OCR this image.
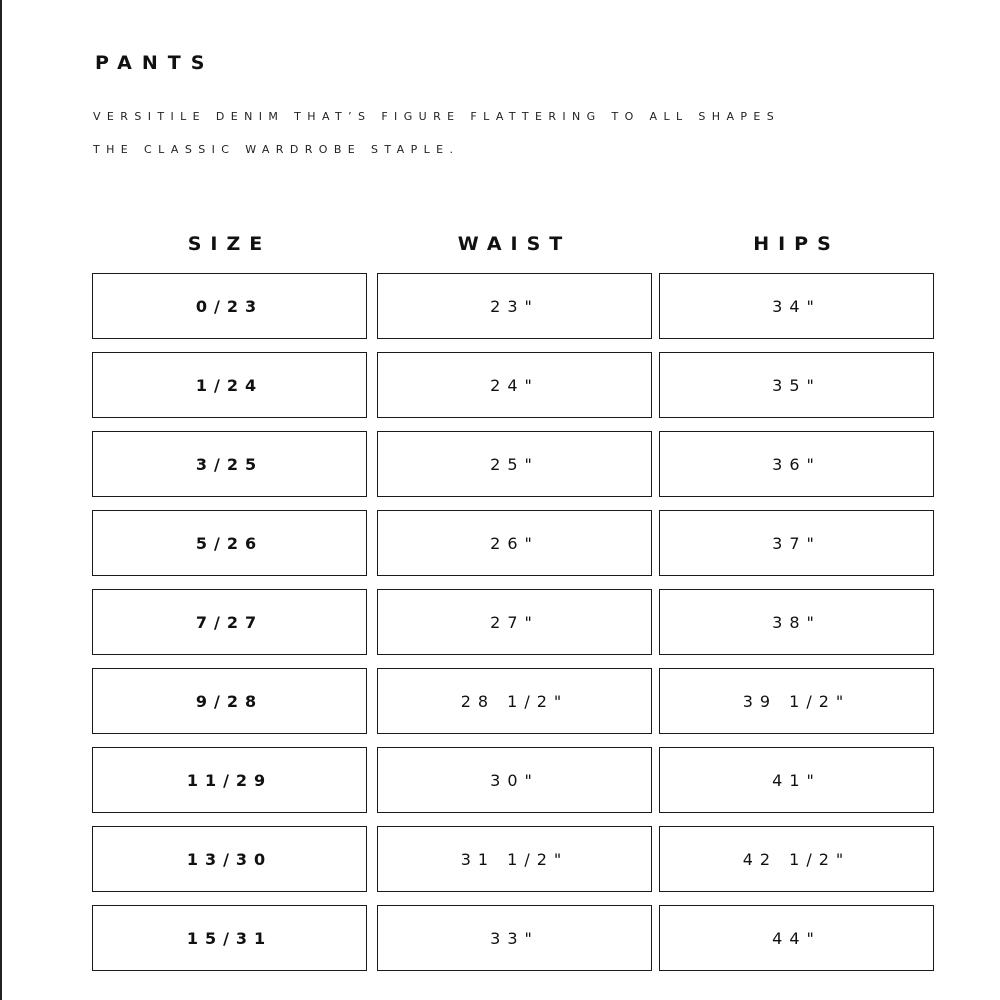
PANTS
VERSITILE DENIM THAT’S FIGURE FLATTERING TO ALL SHAPES
THE CLASSIC WARDROBE STAPLE.
SIZE	WAIST	HIPS
0/23	23"	34"
1/24	24"	35"
3/25	25"	36"
5/26	26"	37"
7/27	27"	38"
9/28	28 1/2"	39 1/2"
11/29	30"	41"
13/30	31 1/2"	42 1/2"
15/31	33"	44"
